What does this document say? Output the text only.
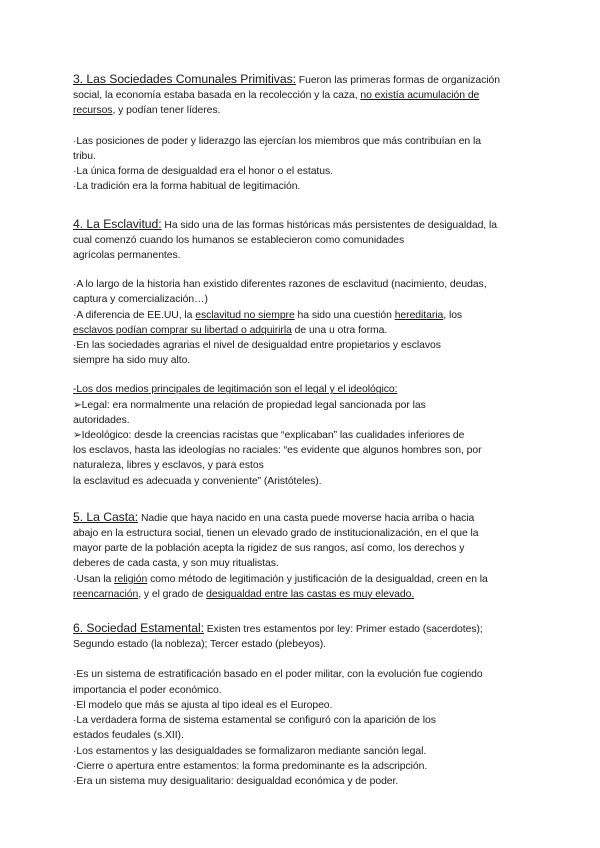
3. Las Sociedades Comunales Primitivas: Fueron las primeras formas de organización
social, la economía estaba basada en la recolección y la caza, no existía acumulación de
recursos, y podían tener líderes.
·Las posiciones de poder y liderazgo las ejercían los miembros que más contribuían en la
tribu.
·La única forma de desigualdad era el honor o el estatus.
·La tradición era la forma habitual de legitimación.
4. La Esclavitud: Ha sido una de las formas históricas más persistentes de desigualdad, la
cual comenzó cuando los humanos se establecieron como comunidades
agrícolas permanentes.
·A lo largo de la historia han existido diferentes razones de esclavitud (nacimiento, deudas,
captura y comercialización…)
·A diferencia de EE.UU, la esclavitud no siempre ha sido una cuestión hereditaria, los
esclavos podían comprar su libertad o adquirirla de una u otra forma.
·En las sociedades agrarias el nivel de desigualdad entre propietarios y esclavos
siempre ha sido muy alto.
-Los dos medios principales de legitimación son el legal y el ideológico:
➢Legal: era normalmente una relación de propiedad legal sancionada por las
autoridades.
➢Ideológico: desde la creencias racistas que “explicaban” las cualidades inferiores de
los esclavos, hasta las ideologías no raciales: “es evidente que algunos hombres son, por
naturaleza, libres y esclavos, y para estos
la esclavitud es adecuada y conveniente” (Aristóteles).
5. La Casta: Nadie que haya nacido en una casta puede moverse hacia arriba o hacia
abajo en la estructura social, tienen un elevado grado de institucionalización, en el que la
mayor parte de la población acepta la rigidez de sus rangos, así como, los derechos y
deberes de cada casta, y son muy ritualistas.
·Usan la religión como método de legitimación y justificación de la desigualdad, creen en la
reencarnación, y el grado de desigualdad entre las castas es muy elevado.
6. Sociedad Estamental: Existen tres estamentos por ley: Primer estado (sacerdotes);
Segundo estado (la nobleza); Tercer estado (plebeyos).
·Es un sistema de estratificación basado en el poder militar, con la evolución fue cogiendo
importancia el poder económico.
·El modelo que más se ajusta al tipo ideal es el Europeo.
·La verdadera forma de sistema estamental se configuró con la aparición de los
estados feudales (s.XII).
·Los estamentos y las desigualdades se formalizaron mediante sanción legal.
·Cierre o apertura entre estamentos: la forma predominante es la adscripción.
·Era un sistema muy desigualitario: desigualdad económica y de poder.
